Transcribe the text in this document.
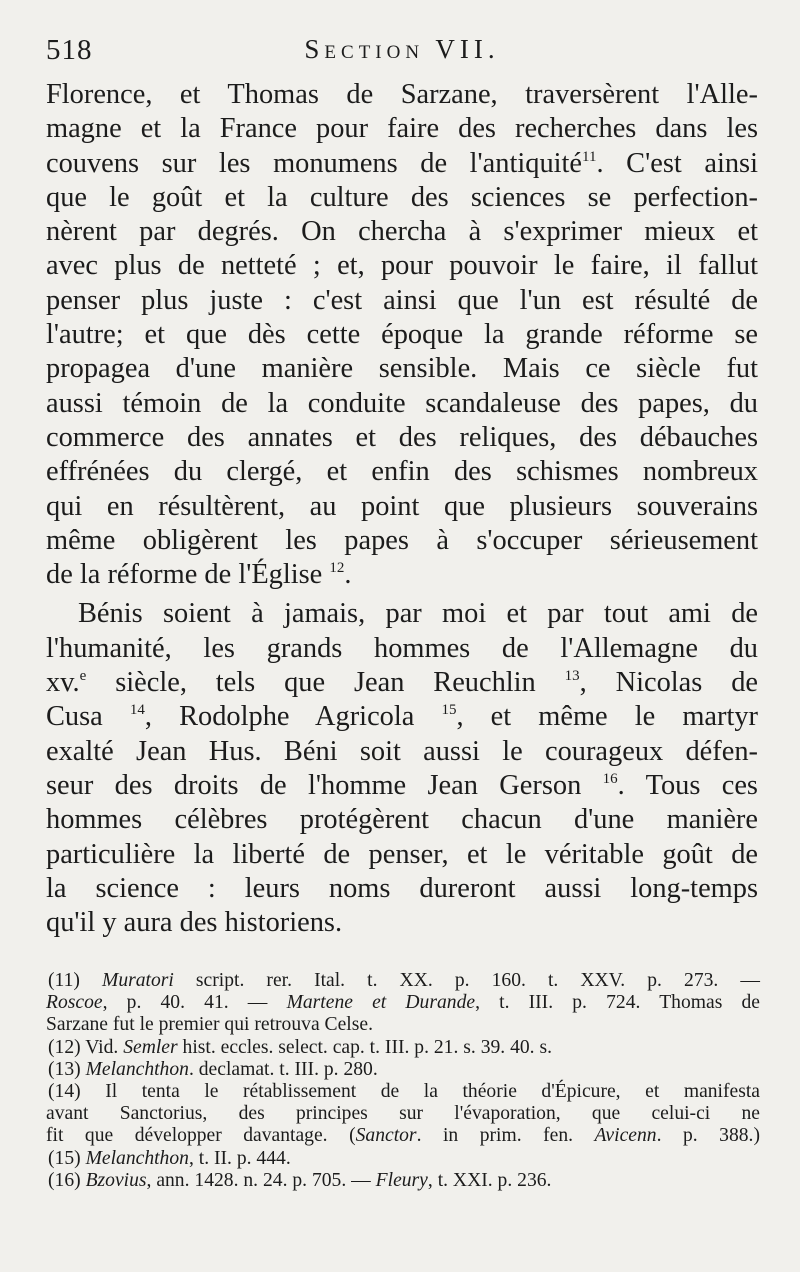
518	Section VII.
Florence, et Thomas de Sarzane, traversèrent l'Alle-
magne et la France pour faire des recherches dans les
couvens sur les monumens de l'antiquité$^{11}$. C'est ainsi
que le goût et la culture des sciences se perfection-
nèrent par degrés. On chercha à s'exprimer mieux et
avec plus de netteté ; et, pour pouvoir le faire, il fallut
penser plus juste : c'est ainsi que l'un est résulté de
l'autre; et que dès cette époque la grande réforme se
propagea d'une manière sensible. Mais ce siècle fut
aussi témoin de la conduite scandaleuse des papes, du
commerce des annates et des reliques, des débauches
effrénées du clergé, et enfin des schismes nombreux
qui en résultèrent, au point que plusieurs souverains
même obligèrent les papes à s'occuper sérieusement
de la réforme de l'Église $^{12}$.
Bénis soient à jamais, par moi et par tout ami de
l'humanité, les grands hommes de l'Allemagne du
xv.$^e$ siècle, tels que Jean Reuchlin $^{13}$, Nicolas de
Cusa $^{14}$, Rodolphe Agricola $^{15}$, et même le martyr
exalté Jean Hus. Béni soit aussi le courageux défen-
seur des droits de l'homme Jean Gerson $^{16}$. Tous ces
hommes célèbres protégèrent chacun d'une manière
particulière la liberté de penser, et le véritable goût de
la science : leurs noms dureront aussi long-temps
qu'il y aura des historiens.
(11) Muratori script. rer. Ital. t. XX. p. 160. t. XXV. p. 273. —
Roscoe, p. 40. 41. — Martene et Durande, t. III. p. 724. Thomas de
Sarzane fut le premier qui retrouva Celse.
(12) Vid. Semler hist. eccles. select. cap. t. III. p. 21. s. 39. 40. s.
(13) Melanchthon. declamat. t. III. p. 280.
(14) Il tenta le rétablissement de la théorie d'Épicure, et manifesta
avant Sanctorius, des principes sur l'évaporation, que celui-ci ne
fit que développer davantage. (Sanctor. in prim. fen. Avicenn. p. 388.)
(15) Melanchthon, t. II. p. 444.
(16) Bzovius, ann. 1428. n. 24. p. 705. — Fleury, t. XXI. p. 236.
